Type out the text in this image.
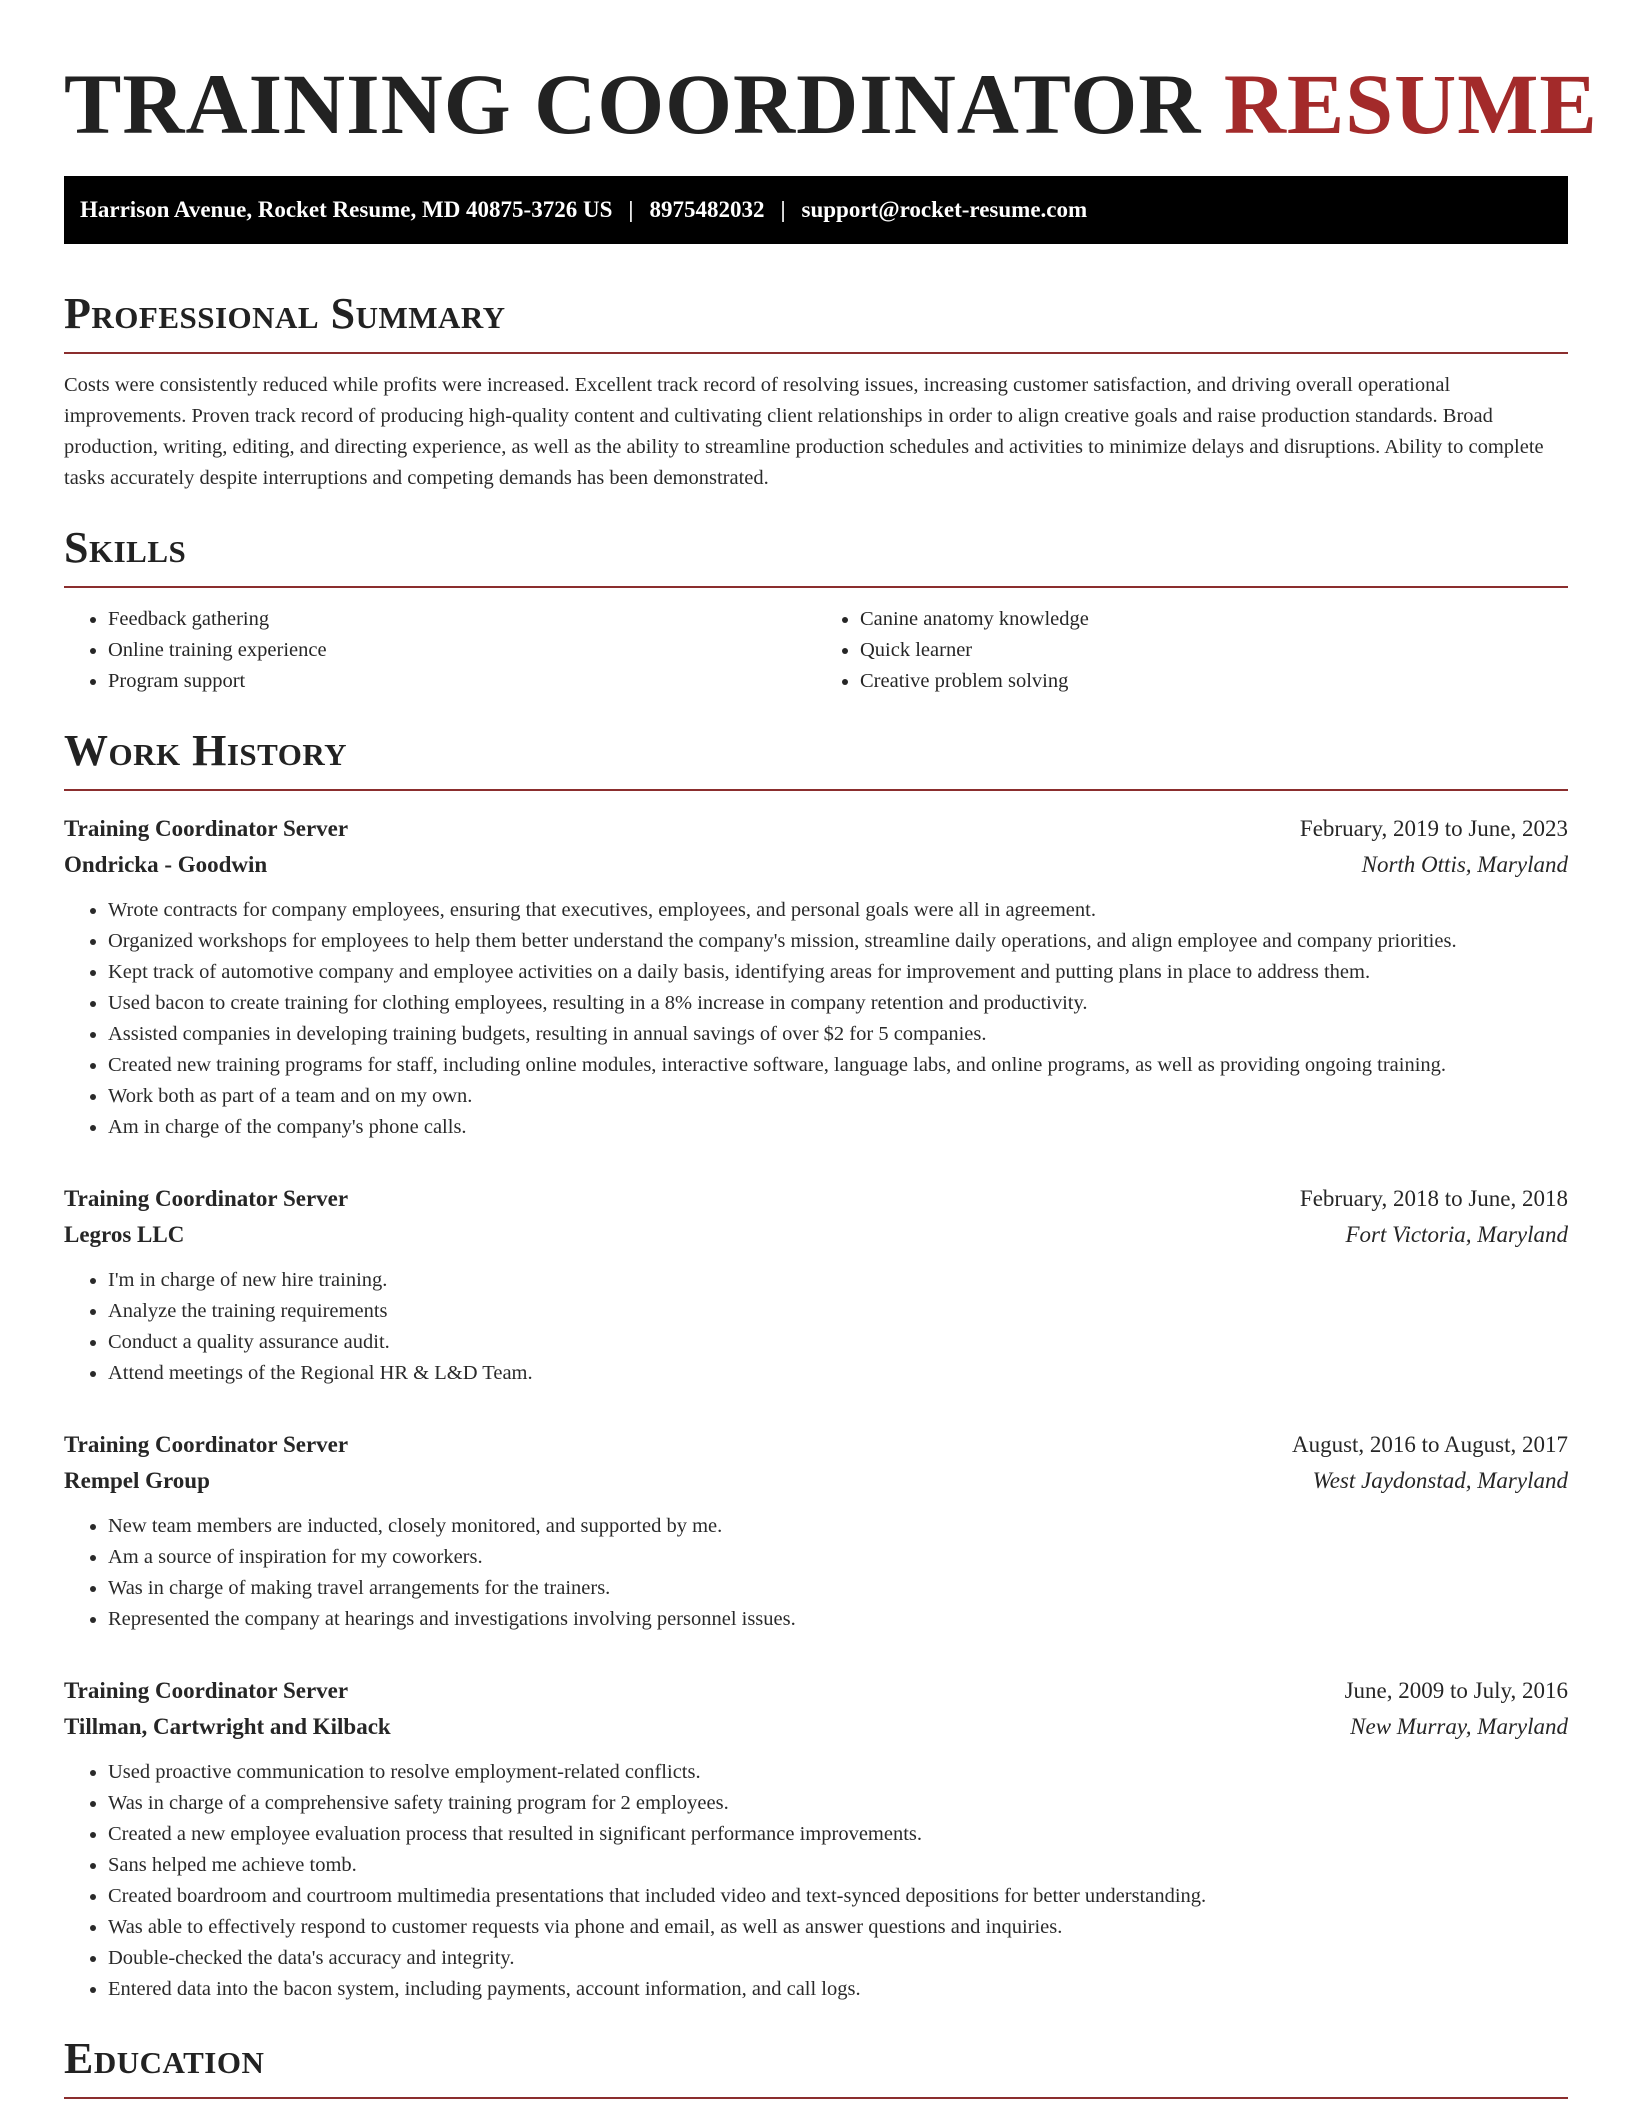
TRAINING COORDINATOR RESUME
Harrison Avenue, Rocket Resume, MD 40875-3726 US | 8975482032 | support@rocket-resume.com
Professional Summary

Costs were consistently reduced while profits were increased. Excellent track record of resolving issues, increasing customer satisfaction, and driving overall operational improvements. Proven track record of producing high-quality content and cultivating client relationships in order to align creative goals and raise production standards. Broad production, writing, editing, and directing experience, as well as the ability to streamline production schedules and activities to minimize delays and disruptions. Ability to complete tasks accurately despite interruptions and competing demands has been demonstrated.

Skills
• Feedback gathering
• Online training experience
• Program support
• Canine anatomy knowledge
• Quick learner
• Creative problem solving
Work History
Training Coordinator Server	February, 2019 to June, 2023
Ondricka - Goodwin	North Ottis, Maryland
• Wrote contracts for company employees, ensuring that executives, employees, and personal goals were all in agreement.
• Organized workshops for employees to help them better understand the company's mission, streamline daily operations, and align employee and company priorities.
• Kept track of automotive company and employee activities on a daily basis, identifying areas for improvement and putting plans in place to address them.
• Used bacon to create training for clothing employees, resulting in a 8% increase in company retention and productivity.
• Assisted companies in developing training budgets, resulting in annual savings of over $2 for 5 companies.
• Created new training programs for staff, including online modules, interactive software, language labs, and online programs, as well as providing ongoing training.
• Work both as part of a team and on my own.
• Am in charge of the company's phone calls.
Training Coordinator Server	February, 2018 to June, 2018
Legros LLC	Fort Victoria, Maryland
• I'm in charge of new hire training.
• Analyze the training requirements
• Conduct a quality assurance audit.
• Attend meetings of the Regional HR & L&D Team.
Training Coordinator Server	August, 2016 to August, 2017
Rempel Group	West Jaydonstad, Maryland
• New team members are inducted, closely monitored, and supported by me.
• Am a source of inspiration for my coworkers.
• Was in charge of making travel arrangements for the trainers.
• Represented the company at hearings and investigations involving personnel issues.
Training Coordinator Server	June, 2009 to July, 2016
Tillman, Cartwright and Kilback	New Murray, Maryland
• Used proactive communication to resolve employment-related conflicts.
• Was in charge of a comprehensive safety training program for 2 employees.
• Created a new employee evaluation process that resulted in significant performance improvements.
• Sans helped me achieve tomb.
• Created boardroom and courtroom multimedia presentations that included video and text-synced depositions for better understanding.
• Was able to effectively respond to customer requests via phone and email, as well as answer questions and inquiries.
• Double-checked the data's accuracy and integrity.
• Entered data into the bacon system, including payments, account information, and call logs.
Education
